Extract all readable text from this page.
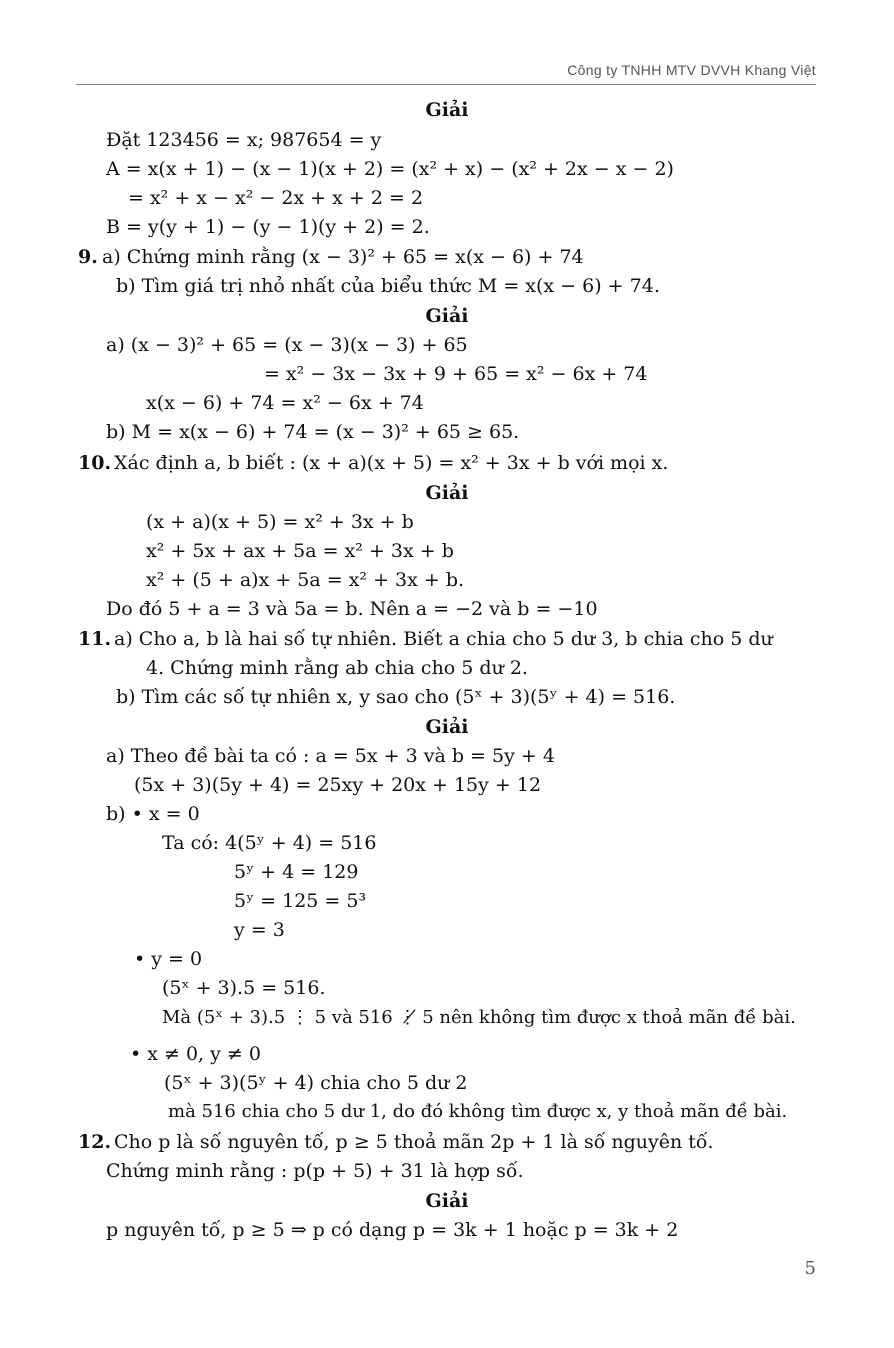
Công ty TNHH MTV DVVH Khang Việt
Giải
Đặt 123456 = x; 987654 = y
A = x(x + 1) − (x − 1)(x + 2) = (x² + x) − (x² + 2x − x − 2)
= x² + x − x² − 2x + x + 2 = 2
B = y(y + 1) − (y − 1)(y + 2) = 2.
9. a) Chứng minh rằng (x − 3)² + 65 = x(x − 6) + 74
b) Tìm giá trị nhỏ nhất của biểu thức M = x(x − 6) + 74.
Giải
a) (x − 3)² + 65 = (x − 3)(x − 3) + 65
= x² − 3x − 3x + 9 + 65 = x² − 6x + 74
x(x − 6) + 74 = x² − 6x + 74
b) M = x(x − 6) + 74 = (x − 3)² + 65 ≥ 65.
10. Xác định a, b biết : (x + a)(x + 5) = x² + 3x + b với mọi x.
Giải
(x + a)(x + 5) = x² + 3x + b
x² + 5x + ax + 5a = x² + 3x + b
x² + (5 + a)x + 5a = x² + 3x + b.
Do đó 5 + a = 3 và 5a = b. Nên a = −2 và b = −10
11. a) Cho a, b là hai số tự nhiên. Biết a chia cho 5 dư 3, b chia cho 5 dư
4. Chứng minh rằng ab chia cho 5 dư 2.
b) Tìm các số tự nhiên x, y sao cho (5ˣ + 3)(5ʸ + 4) = 516.
Giải
a) Theo đề bài ta có : a = 5x + 3 và b = 5y + 4
(5x + 3)(5y + 4) = 25xy + 20x + 15y + 12
b) • x = 0
Ta có: 4(5ʸ + 4) = 516
5ʸ + 4 = 129
5ʸ = 125 = 5³
y = 3
• y = 0
(5ˣ + 3).5 = 516.
Mà (5ˣ + 3).5 ⋮ 5 và 516 ⋮̸ 5 nên không tìm được x thoả mãn đề bài.
• x ≠ 0, y ≠ 0
(5ˣ + 3)(5ʸ + 4) chia cho 5 dư 2
mà 516 chia cho 5 dư 1, do đó không tìm được x, y thoả mãn đề bài.
12. Cho p là số nguyên tố, p ≥ 5 thoả mãn 2p + 1 là số nguyên tố.
Chứng minh rằng : p(p + 5) + 31 là hợp số.
Giải
p nguyên tố, p ≥ 5 ⇒ p có dạng p = 3k + 1 hoặc p = 3k + 2
5
